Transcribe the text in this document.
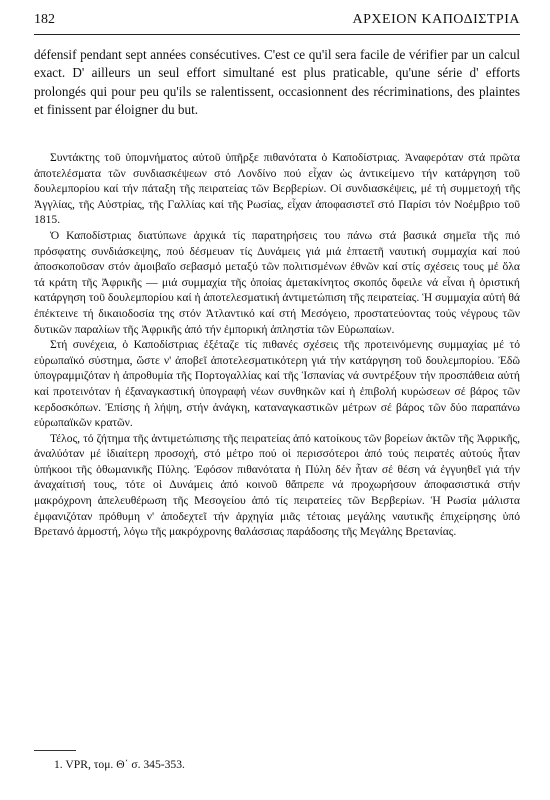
182	ΑΡΧΕΙΟΝ ΚΑΠΟΔΙΣΤΡΙΑ

défensif pendant sept années consécutives. C'est ce qu'il sera facile de vérifier par un calcul exact. D' ailleurs un seul effort simultané est plus praticable, qu'une série d' efforts prolongés qui pour peu qu'ils se ralentissent, occasionnent des récriminations, des plaintes et finissent par éloigner du but.

Συντάκτης τοῦ ὑπομνήματος αὐτοῦ ὑπῆρξε πιθανότατα ὁ Καποδίστριας. Ἀναφερόταν στά πρῶτα ἀποτελέσματα τῶν συνδιασκέψεων στό Λονδίνο πού εἶχαν ὡς ἀντικείμενο τήν κατάργηση τοῦ δουλεμπορίου καί τήν πάταξη τῆς πειρατείας τῶν Βερβερίων. Οἱ συνδιασκέψεις, μέ τή συμμετοχή τῆς Ἀγγλίας, τῆς Αὐστρίας, τῆς Γαλλίας καί τῆς Ρωσίας, εἶχαν ἀποφασιστεῖ στό Παρίσι τόν Νοέμβριο τοῦ 1815.

Ὁ Καποδίστριας διατύπωνε ἀρχικά τίς παρατηρήσεις του πάνω στά βασικά σημεῖα τῆς πιό πρόσφατης συνδιάσκεψης, πού δέσμευαν τίς Δυνάμεις γιά μιά ἑπταετῆ ναυτική συμμαχία καί πού ἀποσκοποῦσαν στόν ἀμοιβαῖο σεβασμό μεταξύ τῶν πολιτισμένων ἐθνῶν καί στίς σχέσεις τους μέ ὅλα τά κράτη τῆς Ἀφρικῆς — μιά συμμαχία τῆς ὁποίας ἀμετακίνητος σκοπός ὄφειλε νά εἶναι ἡ ὁριστική κατάργηση τοῦ δουλεμπορίου καί ἡ ἀποτελεσματική ἀντιμετώπιση τῆς πειρατείας. Ἡ συμμαχία αὐτή θά ἐπέκτεινε τή δικαιοδοσία της στόν Ἀτλαντικό καί στή Μεσόγειο, προστατεύοντας τούς νέγρους τῶν δυτικῶν παραλίων τῆς Ἀφρικῆς ἀπό τήν ἐμπορική ἀπληστία τῶν Εὐρωπαίων.

Στή συνέχεια, ὁ Καποδίστριας ἐξέταζε τίς πιθανές σχέσεις τῆς προτεινόμενης συμμαχίας μέ τό εὐρωπαϊκό σύστημα, ὥστε ν' ἀποβεῖ ἀποτελεσματικότερη γιά τήν κατάργηση τοῦ δουλεμπορίου. Ἐδῶ ὑπογραμμιζόταν ἡ ἀπροθυμία τῆς Πορτογαλλίας καί τῆς Ἱσπανίας νά συντρέξουν τήν προσπάθεια αὐτή καί προτεινόταν ἡ ἐξαναγκαστική ὑπογραφή νέων συνθηκῶν καί ἡ ἐπιβολή κυρώσεων σέ βάρος τῶν κερδοσκόπων. Ἐπίσης ἡ λήψη, στήν ἀνάγκη, καταναγκαστικῶν μέτρων σέ βάρος τῶν δύο παραπάνω εὐρωπαϊκῶν κρατῶν.

Τέλος, τό ζήτημα τῆς ἀντιμετώπισης τῆς πειρατείας ἀπό κατοίκους τῶν βορείων ἀκτῶν τῆς Ἀφρικῆς, ἀναλύόταν μέ ἰδιαίτερη προσοχή, στό μέτρο πού οἱ περισσότεροι ἀπό τούς πειρατές αὐτούς ἦταν ὑπήκοοι τῆς ὀθωμανικῆς Πύλης. Ἐφόσον πιθανότατα ἡ Πύλη δέν ἦταν σέ θέση νά ἐγγυηθεῖ γιά τήν ἀναχαίτισή τους, τότε οἱ Δυνάμεις ἀπό κοινοῦ θἄπρεπε νά προχωρήσουν ἀποφασιστικά στήν μακρόχρονη ἀπελευθέρωση τῆς Μεσογείου ἀπό τίς πειρατείες τῶν Βερβερίων. Ἡ Ρωσία μάλιστα ἐμφανιζόταν πρόθυμη ν' ἀποδεχτεῖ τήν ἀρχηγία μιᾶς τέτοιας μεγάλης ναυτικῆς ἐπιχείρησης ὑπό Βρετανό ἁρμοστή, λόγω τῆς μακρόχρονης θαλάσσιας παράδοσης τῆς Μεγάλης Βρετανίας.

1. VPR, τομ. Θ΄ σ. 345-353.
